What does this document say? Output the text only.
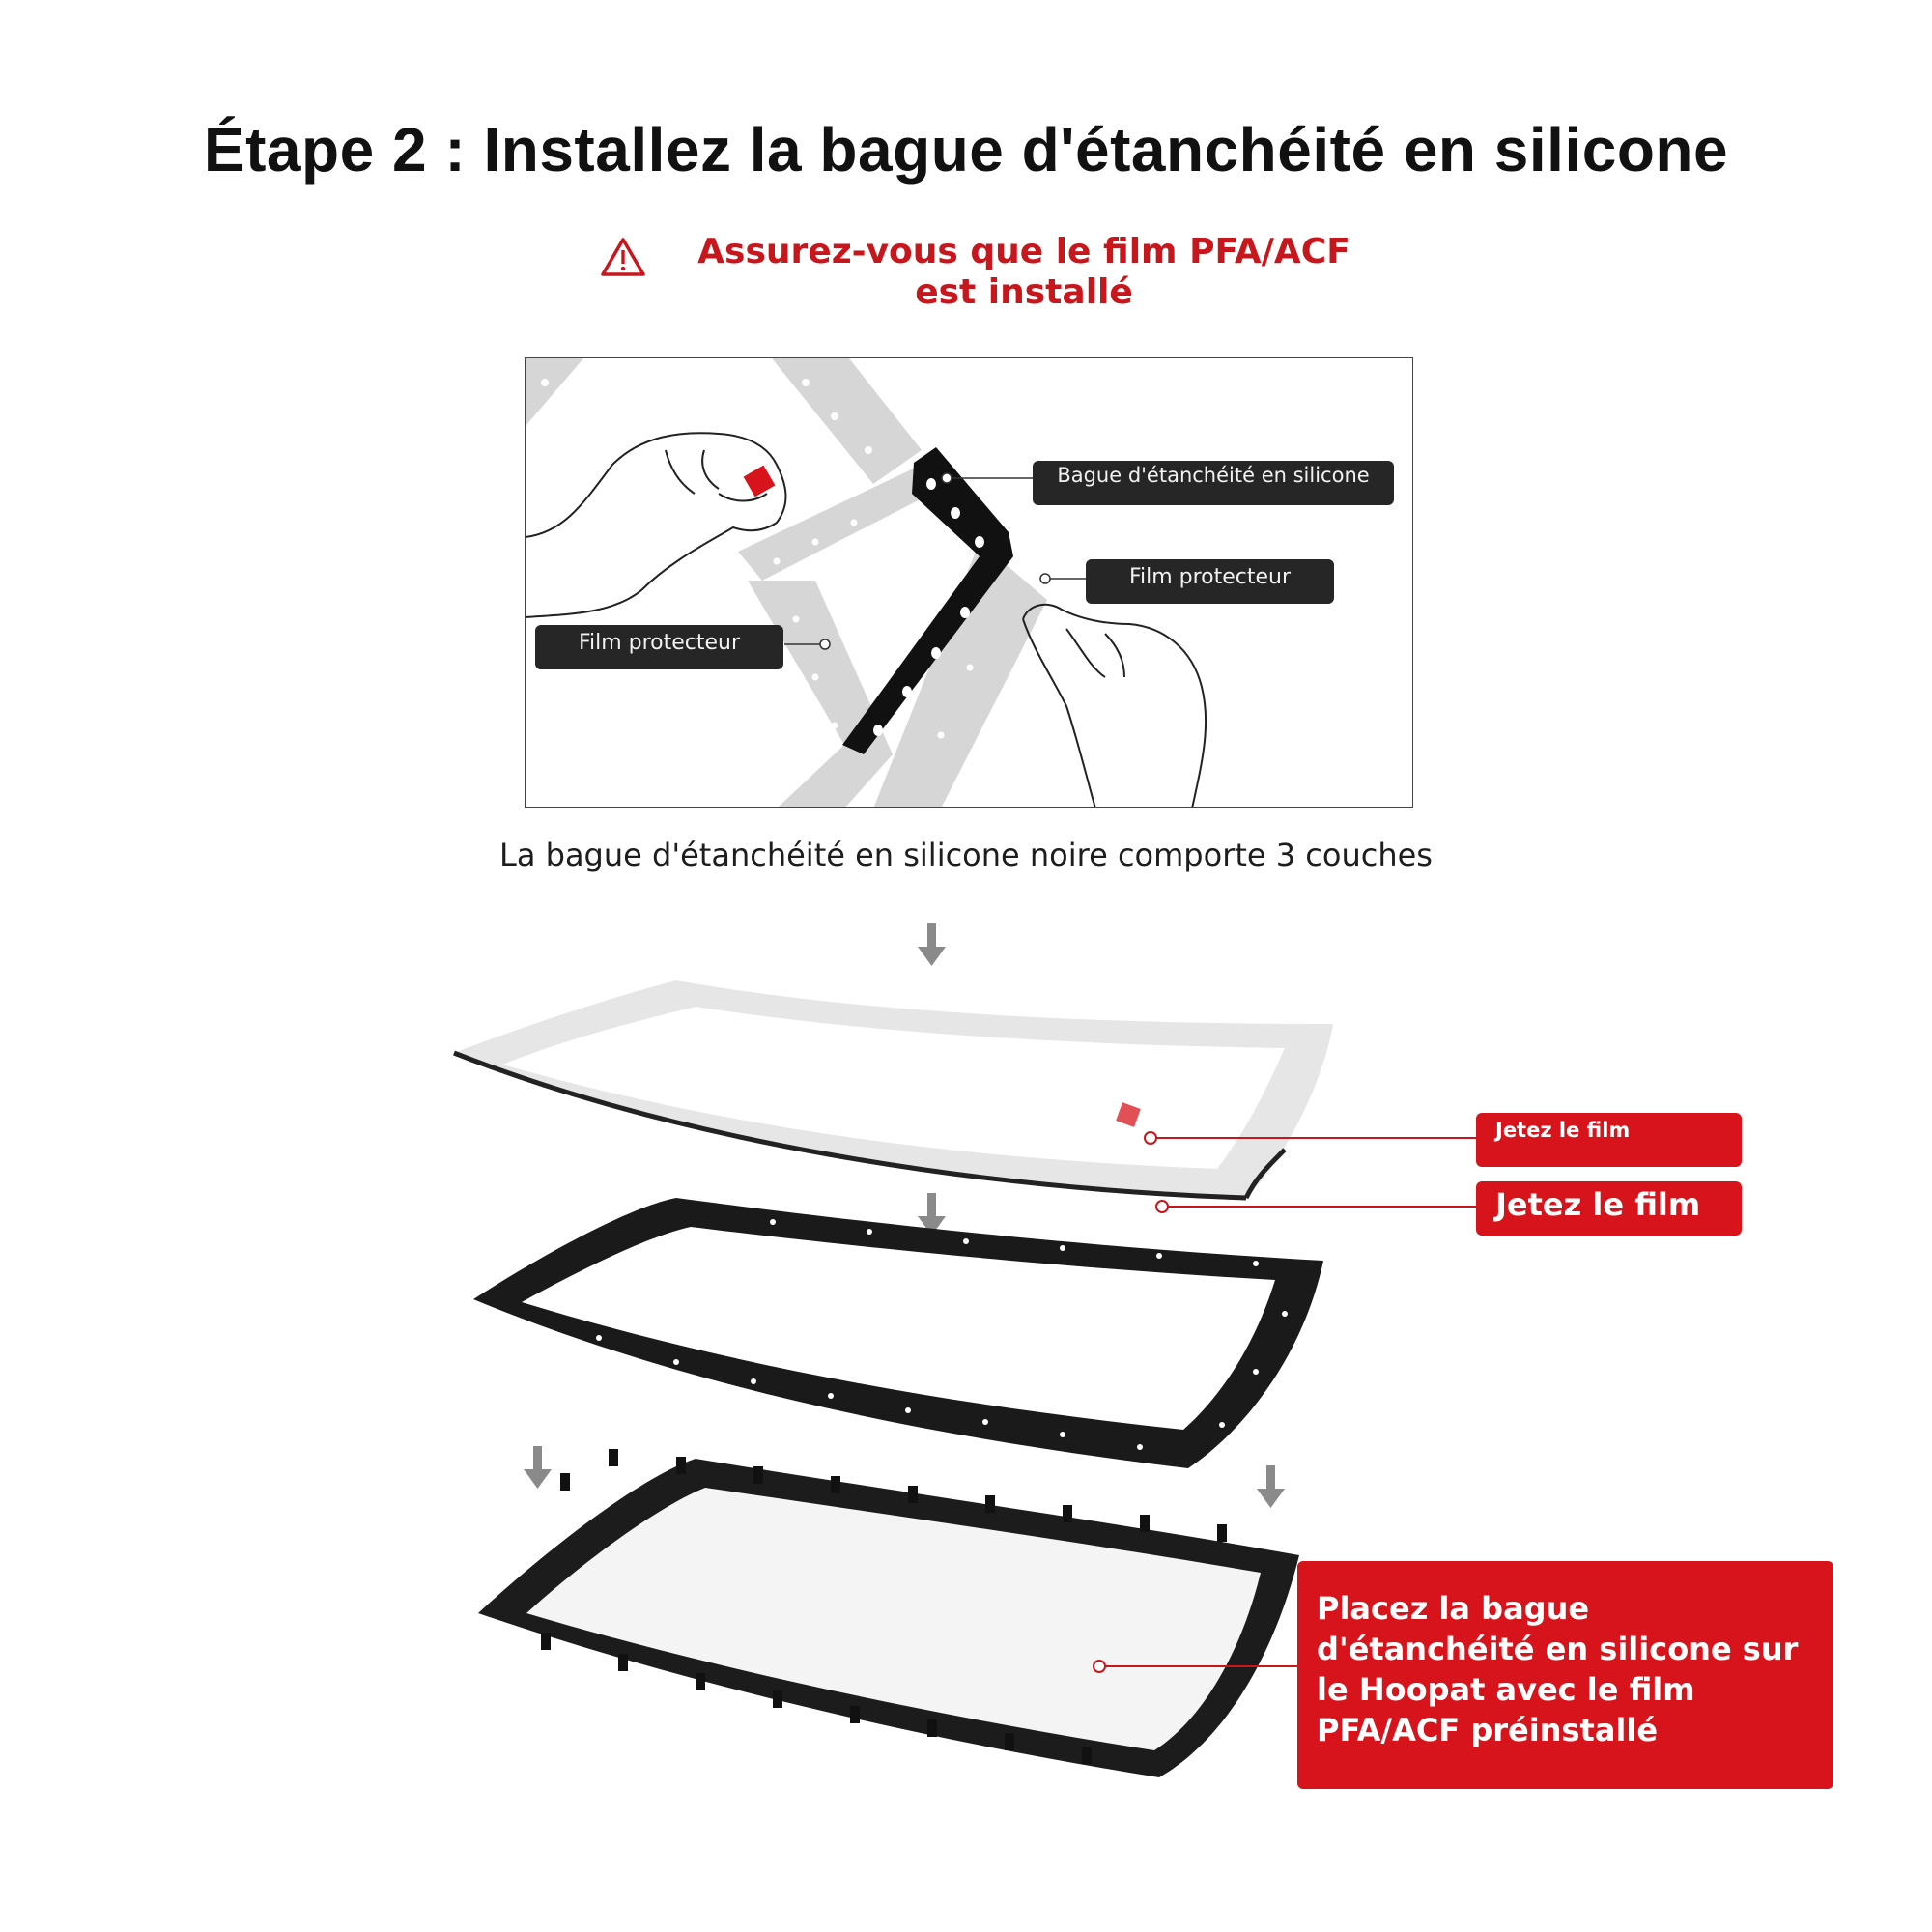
Étape 2 : Installez la bague d'étanchéité en silicone
Assurez-vous que le film PFA/ACF est installé
Bague d'étanchéité en silicone
Film protecteur
Film protecteur
La bague d'étanchéité en silicone noire comporte 3 couches
Jetez le film
Jetez le film
Placez la bague d'étanchéité en silicone sur le Hoopat avec le film PFA/ACF préinstallé
